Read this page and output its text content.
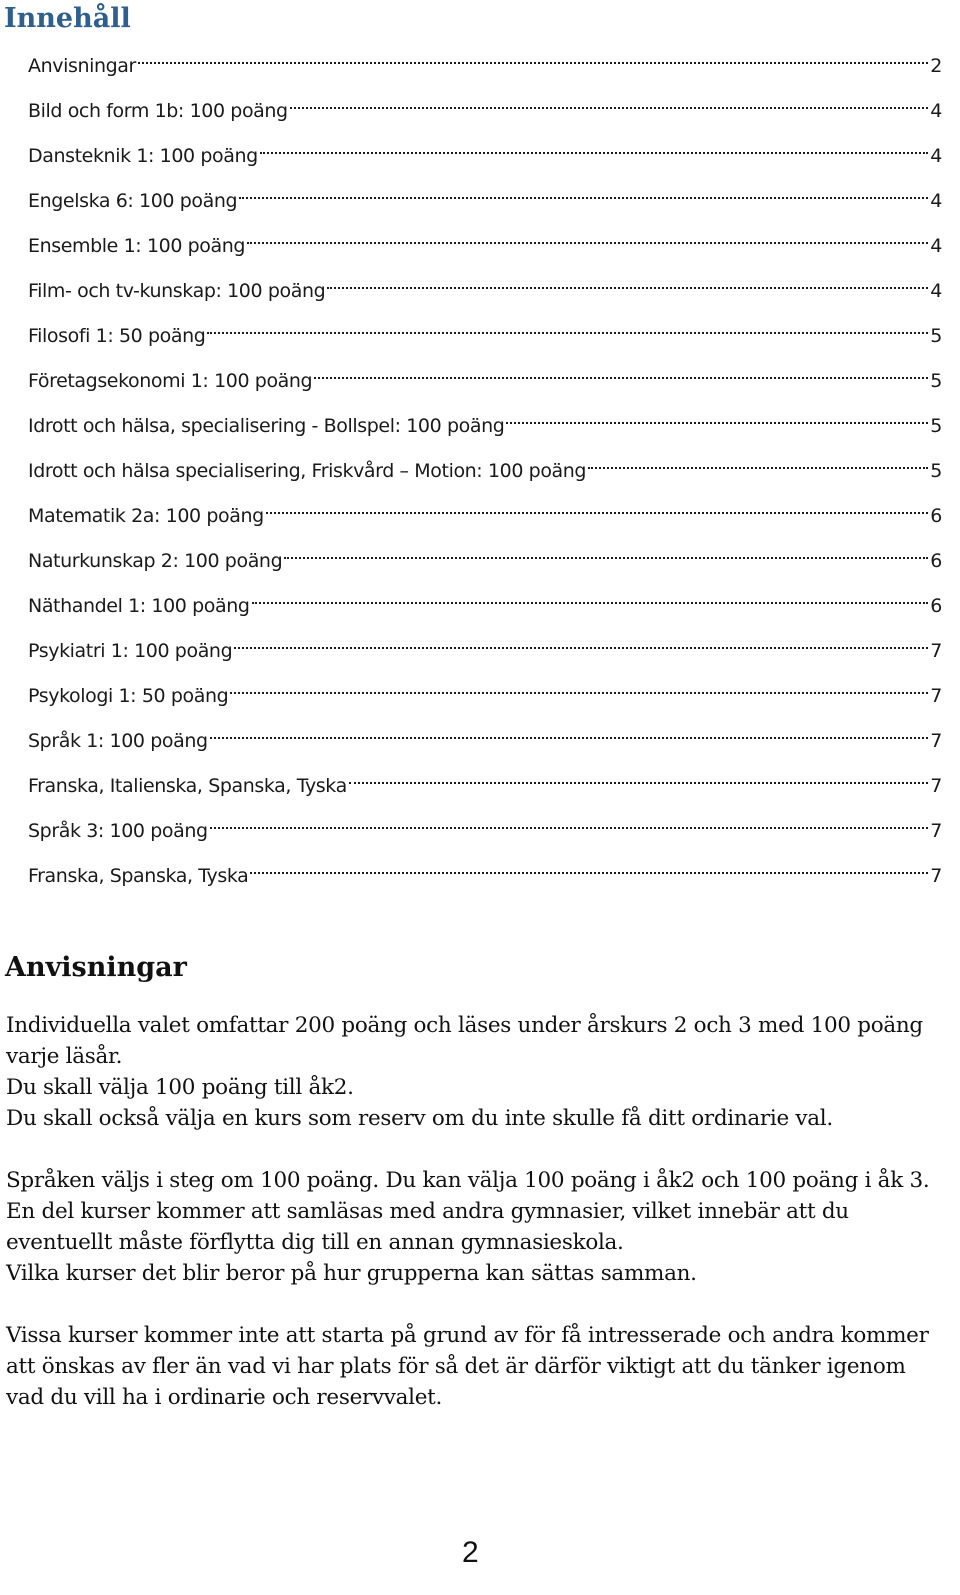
Innehåll
Anvisningar	2
Bild och form 1b: 100 poäng	4
Dansteknik 1: 100 poäng	4
Engelska 6: 100 poäng	4
Ensemble 1: 100 poäng	4
Film- och tv-kunskap: 100 poäng	4
Filosofi 1: 50 poäng	5
Företagsekonomi 1: 100 poäng	5
Idrott och hälsa, specialisering - Bollspel: 100 poäng	5
Idrott och hälsa specialisering, Friskvård – Motion: 100 poäng	5
Matematik 2a: 100 poäng	6
Naturkunskap 2: 100 poäng	6
Näthandel 1: 100 poäng	6
Psykiatri 1: 100 poäng	7
Psykologi 1: 50 poäng	7
Språk 1: 100 poäng	7
Franska, Italienska, Spanska, Tyska	7
Språk 3: 100 poäng	7
Franska, Spanska, Tyska	7
Anvisningar

Individuella valet omfattar 200 poäng och läses under årskurs 2 och 3 med 100 poäng varje läsår.

Du skall välja 100 poäng till åk2.

Du skall också välja en kurs som reserv om du inte skulle få ditt ordinarie val.

Språken väljs i steg om 100 poäng. Du kan välja 100 poäng i åk2 och 100 poäng i åk 3.

En del kurser kommer att samläsas med andra gymnasier, vilket innebär att du eventuellt måste förflytta dig till en annan gymnasieskola.

Vilka kurser det blir beror på hur grupperna kan sättas samman.

Vissa kurser kommer inte att starta på grund av för få intresserade och andra kommer att önskas av fler än vad vi har plats för så det är därför viktigt att du tänker igenom vad du vill ha i ordinarie och reservvalet.

2
